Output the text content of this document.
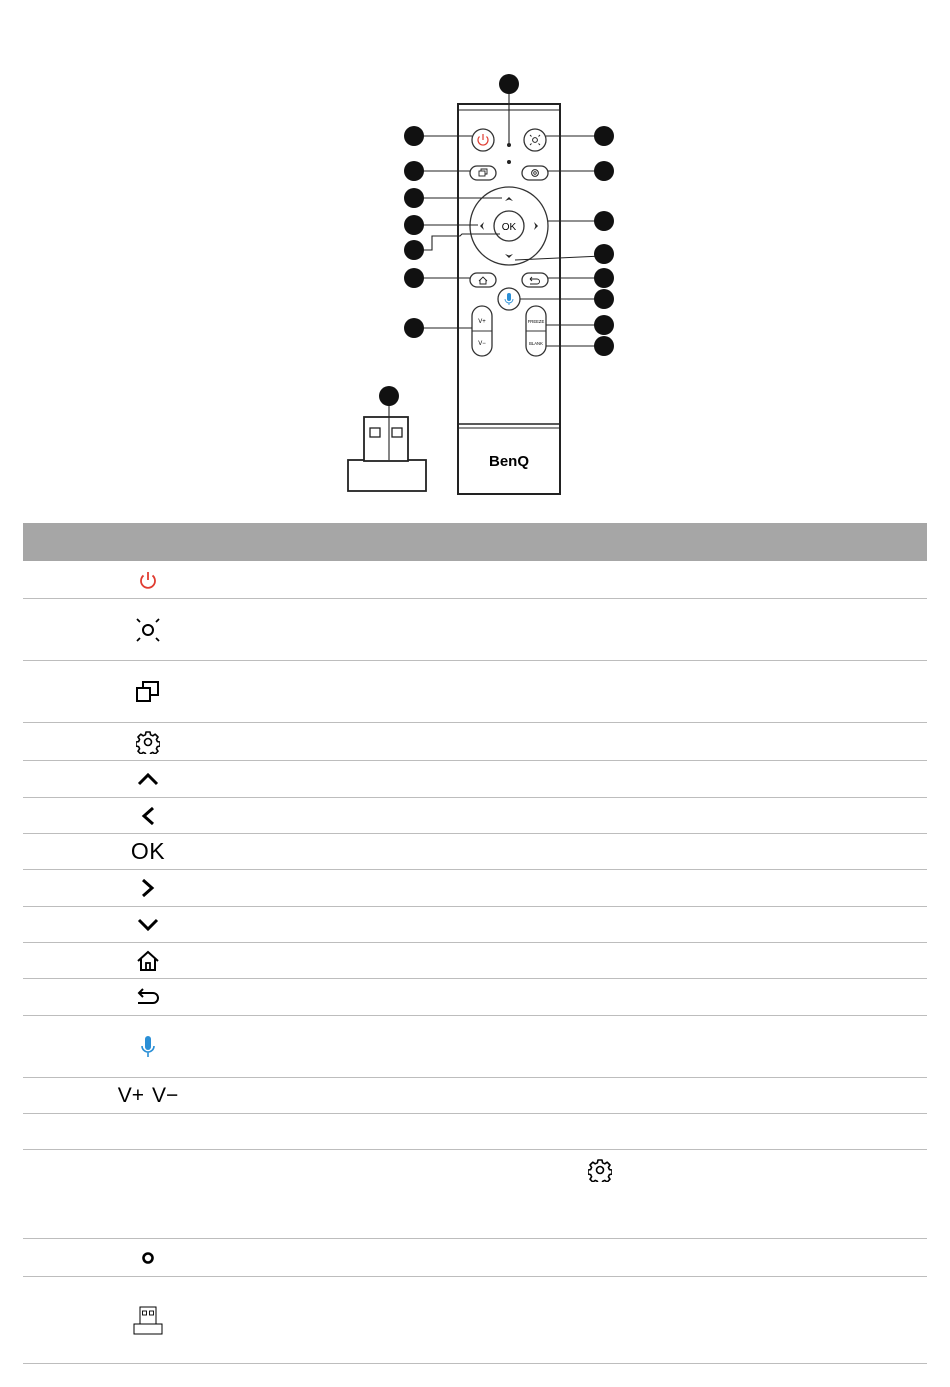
OK
V+
V−
FREEZE
BLANK
BenQ
OK
V+ V−
